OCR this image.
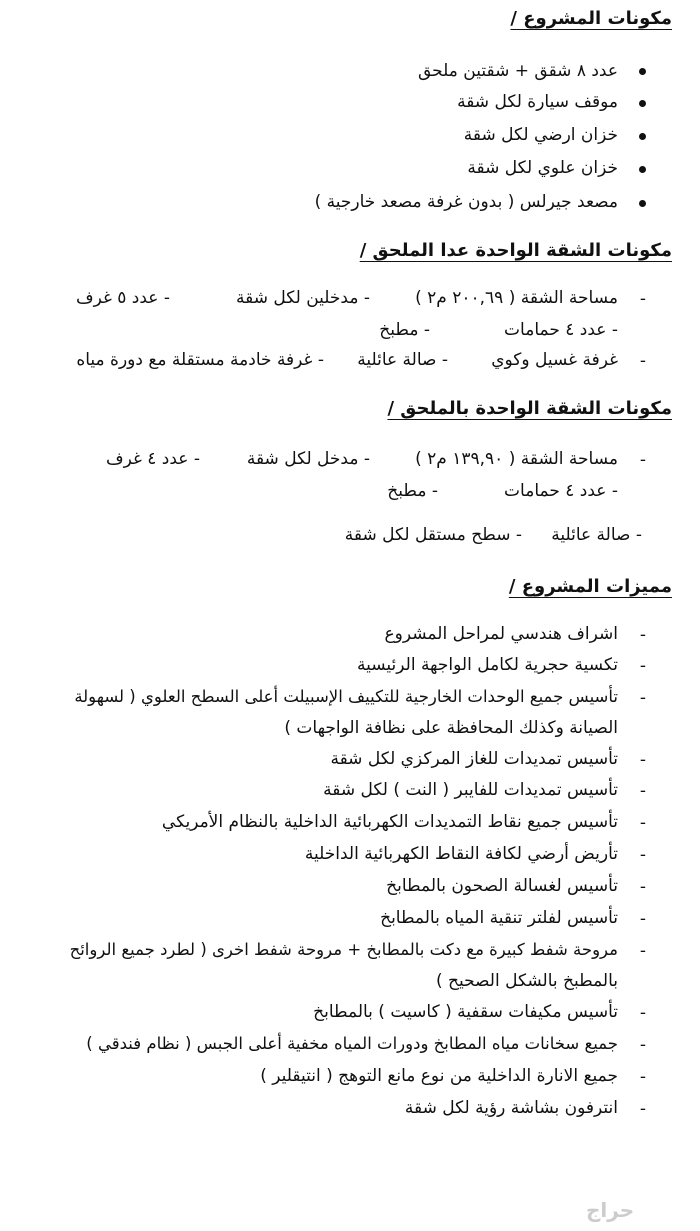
مكونات المشروع /
عدد ٨ شقق + شقتين ملحق
موقف سيارة لكل شقة
خزان ارضي لكل شقة
خزان علوي لكل شقة
مصعد جيرلس ( بدون غرفة مصعد خارجية )
مكونات الشقة الواحدة عدا الملحق /
-
مساحة الشقة ( ٢٠٠,٦٩ م٢ )
- مدخلين لكل شقة
- عدد ٥ غرف
- عدد ٤ حمامات
- مطبخ
-
غرفة غسيل وكوي
- صالة عائلية
- غرفة خادمة مستقلة مع دورة مياه
مكونات الشقة الواحدة بالملحق /
-
مساحة الشقة ( ١٣٩,٩٠ م٢ )
- مدخل لكل شقة
- عدد ٤ غرف
- عدد ٤ حمامات
- مطبخ
- صالة عائلية
- سطح مستقل لكل شقة
مميزات المشروع /
-
اشراف هندسي لمراحل المشروع
-
تكسية حجرية لكامل الواجهة الرئيسية
-
تأسيس جميع الوحدات الخارجية للتكييف الإسبيلت أعلى السطح العلوي ( لسهولة
الصيانة وكذلك المحافظة على نظافة الواجهات )
-
تأسيس تمديدات للغاز المركزي لكل شقة
-
تأسيس تمديدات للفايبر ( النت ) لكل شقة
-
تأسيس جميع نقاط التمديدات الكهربائية الداخلية بالنظام الأمريكي
-
تأريض أرضي لكافة النقاط الكهربائية الداخلية
-
تأسيس لغسالة الصحون بالمطابخ
-
تأسيس لفلتر تنقية المياه بالمطابخ
-
مروحة شفط كبيرة مع دكت بالمطابخ + مروحة شفط اخرى ( لطرد جميع الروائح
بالمطبخ بالشكل الصحيح )
-
تأسيس مكيفات سقفية ( كاسيت ) بالمطابخ
-
جميع سخانات مياه المطابخ ودورات المياه مخفية أعلى الجبس ( نظام فندقي )
-
جميع الانارة الداخلية من نوع مانع التوهج ( انتيقلير )
-
انترفون بشاشة رؤية لكل شقة
حراج
